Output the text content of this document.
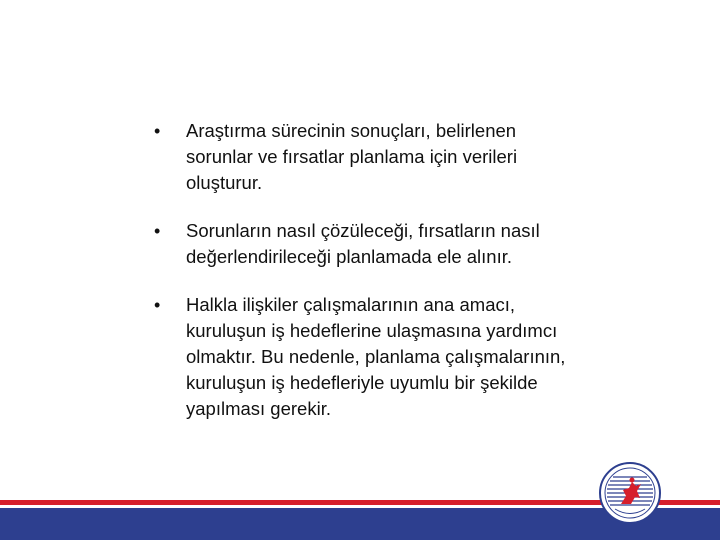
• Araştırma sürecinin sonuçları, belirlenen
sorunlar ve fırsatlar planlama için verileri
oluşturur.
• Sorunların nasıl çözüleceği, fırsatların nasıl
değerlendirileceği planlamada ele alınır.
• Halkla ilişkiler çalışmalarının ana amacı,
kuruluşun iş hedeflerine ulaşmasına yardımcı
olmaktır. Bu nedenle, planlama çalışmalarının,
kuruluşun iş hedefleriyle uyumlu bir şekilde
yapılması gerekir.
